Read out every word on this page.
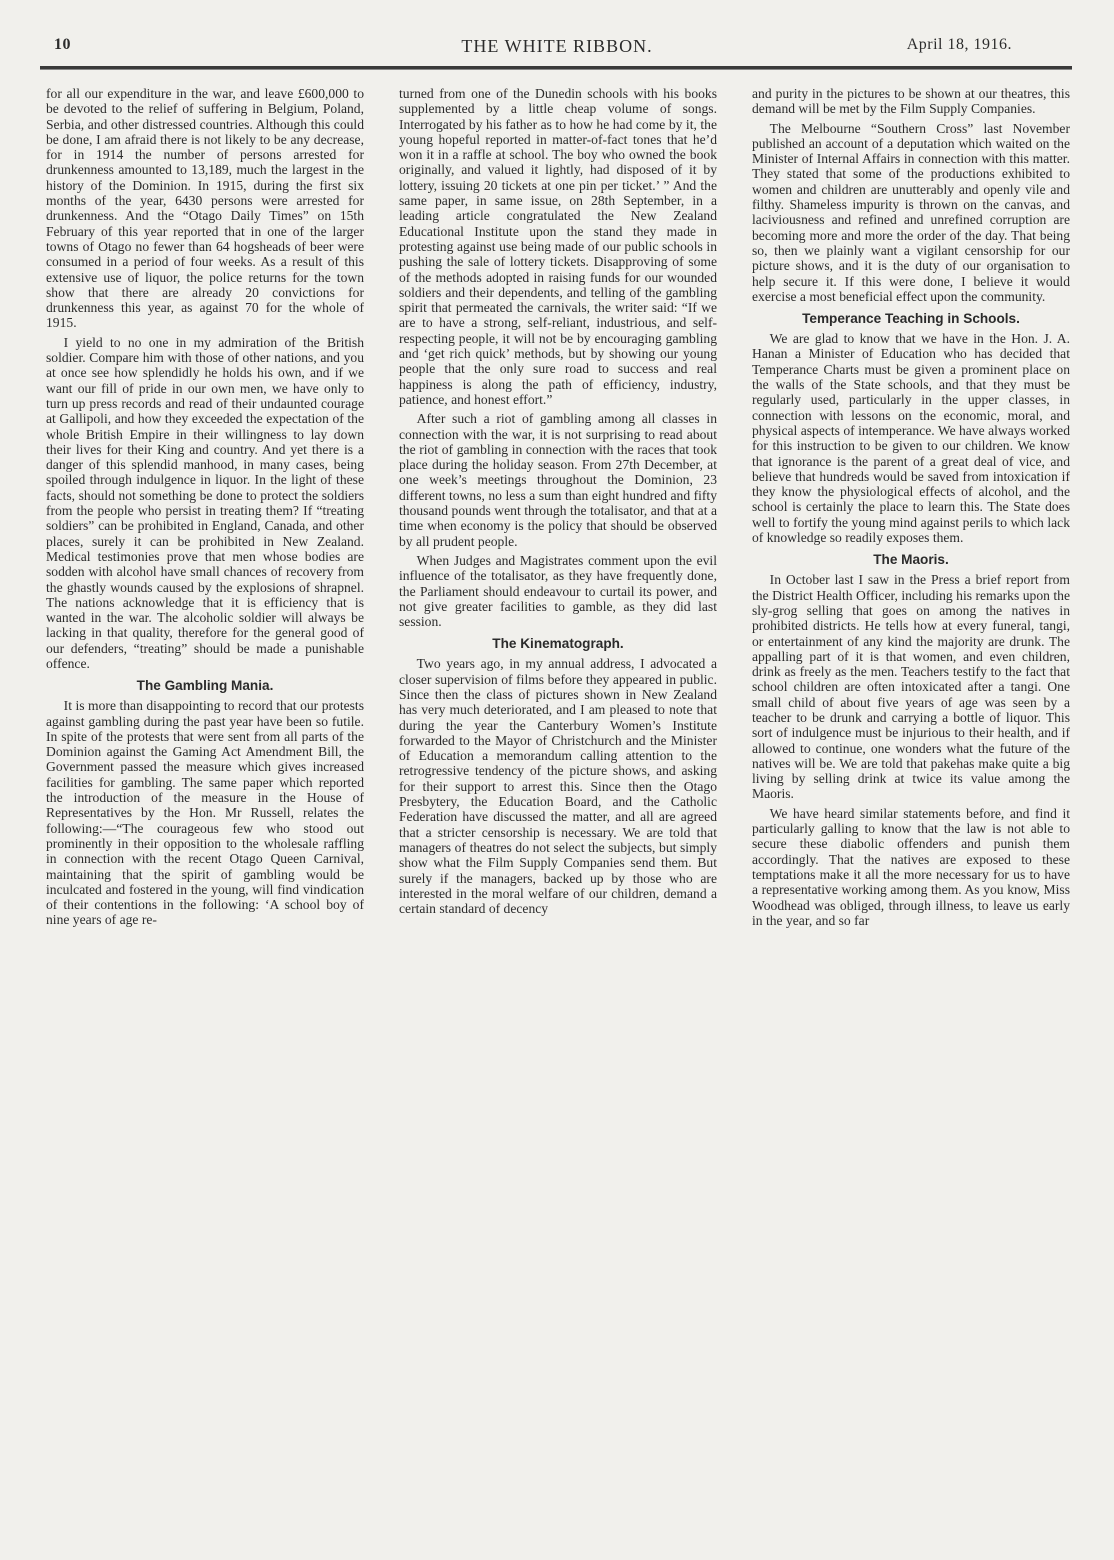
10	THE WHITE RIBBON.	April 18, 1916.

for all our expenditure in the war, and leave £600,000 to be devoted to the relief of suffering in Belgium, Poland, Serbia, and other distressed countries. Although this could be done, I am afraid there is not likely to be any decrease, for in 1914 the number of persons arrested for drunkenness amounted to 13,189, much the largest in the history of the Dominion. In 1915, during the first six months of the year, 6430 persons were arrested for drunkenness. And the “Otago Daily Times” on 15th February of this year reported that in one of the larger towns of Otago no fewer than 64 hogsheads of beer were consumed in a period of four weeks. As a result of this extensive use of liquor, the police returns for the town show that there are already 20 convictions for drunkenness this year, as against 70 for the whole of 1915.

I yield to no one in my admiration of the British soldier. Compare him with those of other nations, and you at once see how splendidly he holds his own, and if we want our fill of pride in our own men, we have only to turn up press records and read of their undaunted courage at Gallipoli, and how they exceeded the expectation of the whole British Empire in their willingness to lay down their lives for their King and country. And yet there is a danger of this splendid manhood, in many cases, being spoiled through indulgence in liquor. In the light of these facts, should not something be done to protect the soldiers from the people who persist in treating them? If “treating soldiers” can be prohibited in England, Canada, and other places, surely it can be prohibited in New Zealand. Medical testimonies prove that men whose bodies are sodden with alcohol have small chances of recovery from the ghastly wounds caused by the explosions of shrapnel. The nations acknowledge that it is efficiency that is wanted in the war. The alcoholic soldier will always be lacking in that quality, therefore for the general good of our defenders, “treating” should be made a punishable offence.

The Gambling Mania.

It is more than disappointing to record that our protests against gambling during the past year have been so futile. In spite of the protests that were sent from all parts of the Dominion against the Gaming Act Amendment Bill, the Government passed the measure which gives increased facilities for gambling. The same paper which reported the introduction of the measure in the House of Representatives by the Hon. Mr Russell, relates the following:—“The courageous few who stood out prominently in their opposition to the wholesale raffling in connection with the recent Otago Queen Carnival, maintaining that the spirit of gambling would be inculcated and fostered in the young, will find vindication of their contentions in the following: ‘A school boy of nine years of age re-

turned from one of the Dunedin schools with his books supplemented by a little cheap volume of songs. Interrogated by his father as to how he had come by it, the young hopeful reported in matter-of-fact tones that he’d won it in a raffle at school. The boy who owned the book originally, and valued it lightly, had disposed of it by lottery, issuing 20 tickets at one pin per ticket.’ ” And the same paper, in same issue, on 28th September, in a leading article congratulated the New Zealand Educational Institute upon the stand they made in protesting against use being made of our public schools in pushing the sale of lottery tickets. Disapproving of some of the methods adopted in raising funds for our wounded soldiers and their dependents, and telling of the gambling spirit that permeated the carnivals, the writer said: “If we are to have a strong, self-reliant, industrious, and self-respecting people, it will not be by encouraging gambling and ‘get rich quick’ methods, but by showing our young people that the only sure road to success and real happiness is along the path of efficiency, industry, patience, and honest effort.”

After such a riot of gambling among all classes in connection with the war, it is not surprising to read about the riot of gambling in connection with the races that took place during the holiday season. From 27th December, at one week’s meetings throughout the Dominion, 23 different towns, no less a sum than eight hundred and fifty thousand pounds went through the totalisator, and that at a time when economy is the policy that should be observed by all prudent people.

When Judges and Magistrates comment upon the evil influence of the totalisator, as they have frequently done, the Parliament should endeavour to curtail its power, and not give greater facilities to gamble, as they did last session.

The Kinematograph.

Two years ago, in my annual address, I advocated a closer supervision of films before they appeared in public. Since then the class of pictures shown in New Zealand has very much deteriorated, and I am pleased to note that during the year the Canterbury Women’s Institute forwarded to the Mayor of Christchurch and the Minister of Education a memorandum calling attention to the retrogressive tendency of the picture shows, and asking for their support to arrest this. Since then the Otago Presbytery, the Education Board, and the Catholic Federation have discussed the matter, and all are agreed that a stricter censorship is necessary. We are told that managers of theatres do not select the subjects, but simply show what the Film Supply Companies send them. But surely if the managers, backed up by those who are interested in the moral welfare of our children, demand a certain standard of decency

and purity in the pictures to be shown at our theatres, this demand will be met by the Film Supply Companies.

The Melbourne “Southern Cross” last November published an account of a deputation which waited on the Minister of Internal Affairs in connection with this matter. They stated that some of the productions exhibited to women and children are unutterably and openly vile and filthy. Shameless impurity is thrown on the canvas, and laciviousness and refined and unrefined corruption are becoming more and more the order of the day. That being so, then we plainly want a vigilant censorship for our picture shows, and it is the duty of our organisation to help secure it. If this were done, I believe it would exercise a most beneficial effect upon the community.

Temperance Teaching in Schools.

We are glad to know that we have in the Hon. J. A. Hanan a Minister of Education who has decided that Temperance Charts must be given a prominent place on the walls of the State schools, and that they must be regularly used, particularly in the upper classes, in connection with lessons on the economic, moral, and physical aspects of intemperance. We have always worked for this instruction to be given to our children. We know that ignorance is the parent of a great deal of vice, and believe that hundreds would be saved from intoxication if they know the physiological effects of alcohol, and the school is certainly the place to learn this. The State does well to fortify the young mind against perils to which lack of knowledge so readily exposes them.

The Maoris.

In October last I saw in the Press a brief report from the District Health Officer, including his remarks upon the sly-grog selling that goes on among the natives in prohibited districts. He tells how at every funeral, tangi, or entertainment of any kind the majority are drunk. The appalling part of it is that women, and even children, drink as freely as the men. Teachers testify to the fact that school children are often intoxicated after a tangi. One small child of about five years of age was seen by a teacher to be drunk and carrying a bottle of liquor. This sort of indulgence must be injurious to their health, and if allowed to continue, one wonders what the future of the natives will be. We are told that pakehas make quite a big living by selling drink at twice its value among the Maoris.

We have heard similar statements before, and find it particularly galling to know that the law is not able to secure these diabolic offenders and punish them accordingly. That the natives are exposed to these temptations make it all the more necessary for us to have a representative working among them. As you know, Miss Woodhead was obliged, through illness, to leave us early in the year, and so far
